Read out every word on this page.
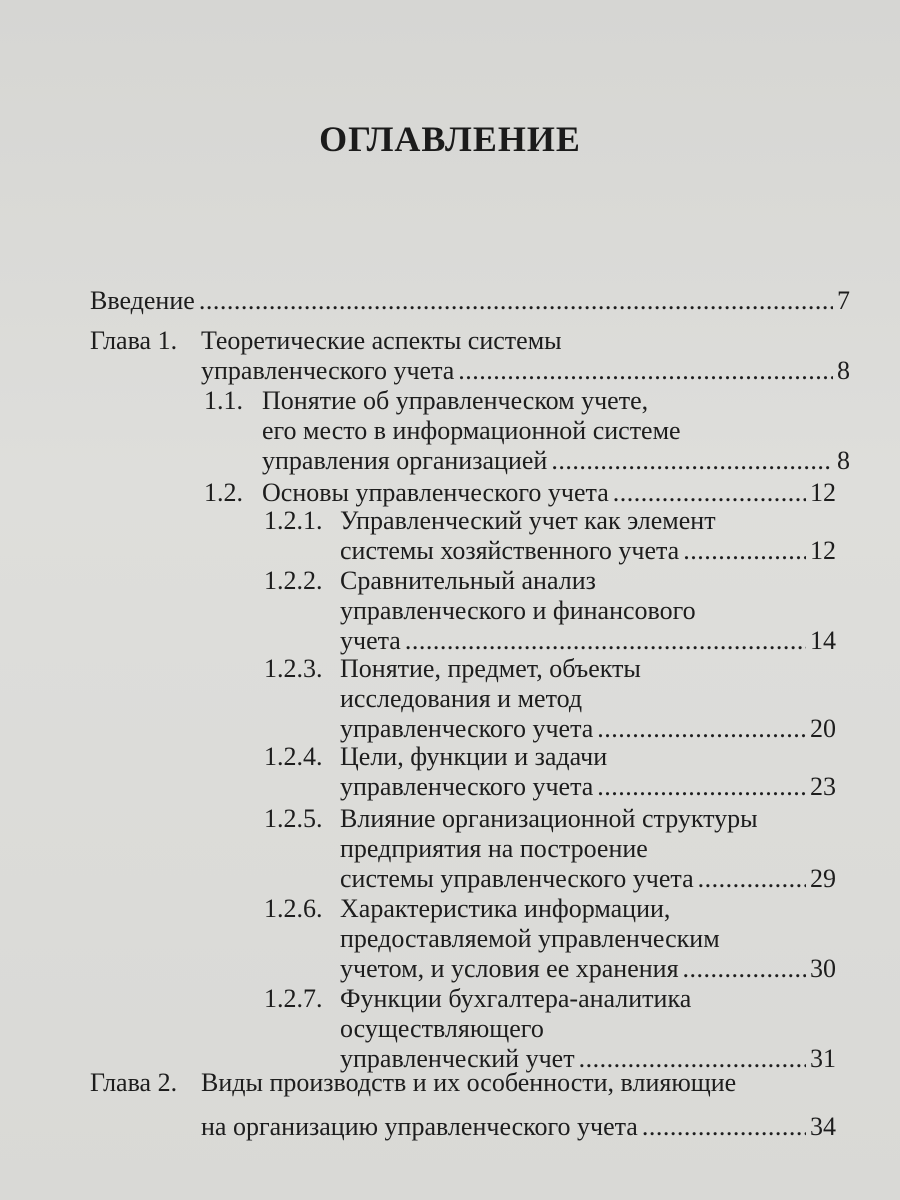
ОГЛАВЛЕНИЕ
Введение . . .	7
Глава 1. Теоретические аспекты системы
управленческого учета . . .	8
1.1. Понятие об управленческом учете,
его место в информационной системе
управления организацией . . .	8
1.2. Основы управленческого учета . . .	12
1.2.1. Управленческий учет как элемент
системы хозяйственного учета . . .	12
1.2.2. Сравнительный анализ
управленческого и финансового
учета . . .	14
1.2.3. Понятие, предмет, объекты
исследования и метод
управленческого учета . . .	20
1.2.4. Цели, функции и задачи
управленческого учета . . .	23
1.2.5. Влияние организационной структуры
предприятия на построение
системы управленческого учета . . .	29
1.2.6. Характеристика информации,
предоставляемой управленческим
учетом, и условия ее хранения . . .	30
1.2.7. Функции бухгалтера-аналитика
осуществляющего
управленческий учет . . .	31
Глава 2. Виды производств и их особенности, влияющие
на организацию управленческого учета . . .	34
